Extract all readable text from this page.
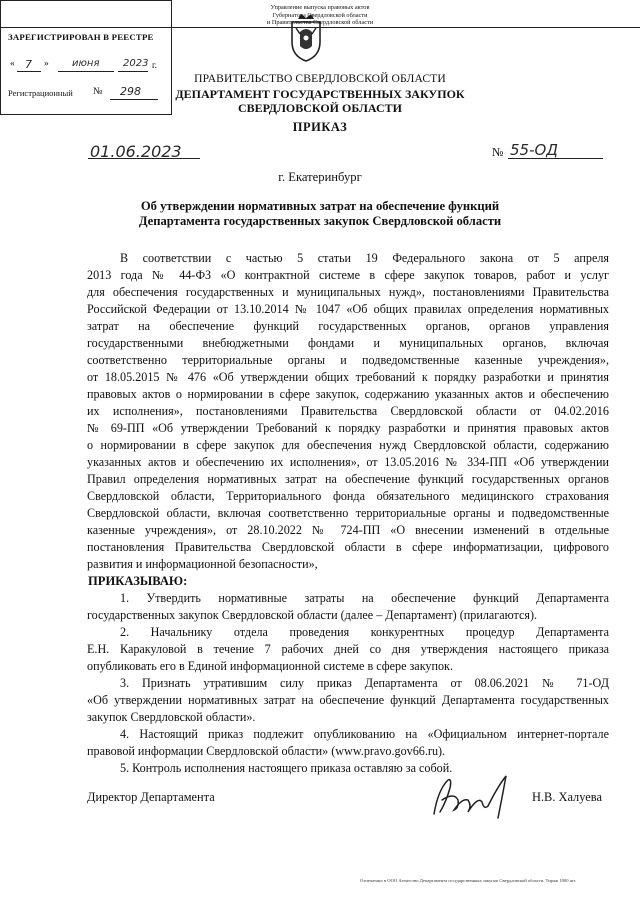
Управление выпуска правовых актов
Губернатора Свердловской области
и Правительства Свердловской области
ЗАРЕГИСТРИРОВАН В РЕЕСТРЕ
« 7 » июня 2023 г.
Регистрационный № 298
ПРАВИТЕЛЬСТВО СВЕРДЛОВСКОЙ ОБЛАСТИ
ДЕПАРТАМЕНТ ГОСУДАРСТВЕННЫХ ЗАКУПОК
СВЕРДЛОВСКОЙ ОБЛАСТИ
ПРИКАЗ
01.06.2023	№ 55-ОД
г. Екатеринбург
Об утверждении нормативных затрат на обеспечение функций
Департамента государственных закупок Свердловской области
В соответствии с частью 5 статьи 19 Федерального закона от 5 апреля
2013 года № 44-ФЗ «О контрактной системе в сфере закупок товаров, работ и услуг
для обеспечения государственных и муниципальных нужд», постановлениями Правительства
Российской Федерации от 13.10.2014 № 1047 «Об общих правилах определения нормативных
затрат на обеспечение функций государственных органов, органов управления
государственными внебюджетными фондами и муниципальных органов, включая
соответственно территориальные органы и подведомственные казенные учреждения»,
от 18.05.2015 № 476 «Об утверждении общих требований к порядку разработки и принятия
правовых актов о нормировании в сфере закупок, содержанию указанных актов и обеспечению
их исполнения», постановлениями Правительства Свердловской области от 04.02.2016
№ 69-ПП «Об утверждении Требований к порядку разработки и принятия правовых актов
о нормировании в сфере закупок для обеспечения нужд Свердловской области, содержанию
указанных актов и обеспечению их исполнения», от 13.05.2016 № 334-ПП «Об утверждении
Правил определения нормативных затрат на обеспечение функций государственных органов
Свердловской области, Территориального фонда обязательного медицинского страхования
Свердловской области, включая соответственно территориальные органы и подведомственные
казенные учреждения», от 28.10.2022 № 724-ПП «О внесении изменений в отдельные
постановления Правительства Свердловской области в сфере информатизации, цифрового
развития и информационной безопасности»,
ПРИКАЗЫВАЮ:
1. Утвердить нормативные затраты на обеспечение функций Департамента
государственных закупок Свердловской области (далее – Департамент) (прилагаются).
2. Начальнику отдела проведения конкурентных процедур Департамента
Е.Н. Каракуловой в течение 7 рабочих дней со дня утверждения настоящего приказа
опубликовать его в Единой информационной системе в сфере закупок.
3. Признать утратившим силу приказ Департамента от 08.06.2021 № 71-ОД
«Об утверждении нормативных затрат на обеспечение функций Департамента государственных
закупок Свердловской области».
4. Настоящий приказ подлежит опубликованию на «Официальном интернет-портале
правовой информации Свердловской области» (www.pravo.gov66.ru).
5. Контроль исполнения настоящего приказа оставляю за собой.
Директор Департамента	Н.В. Халуева
Отпечатано в ООО Агентство Департамента государственных закупок Свердловской области. Тираж 1000 шт.
